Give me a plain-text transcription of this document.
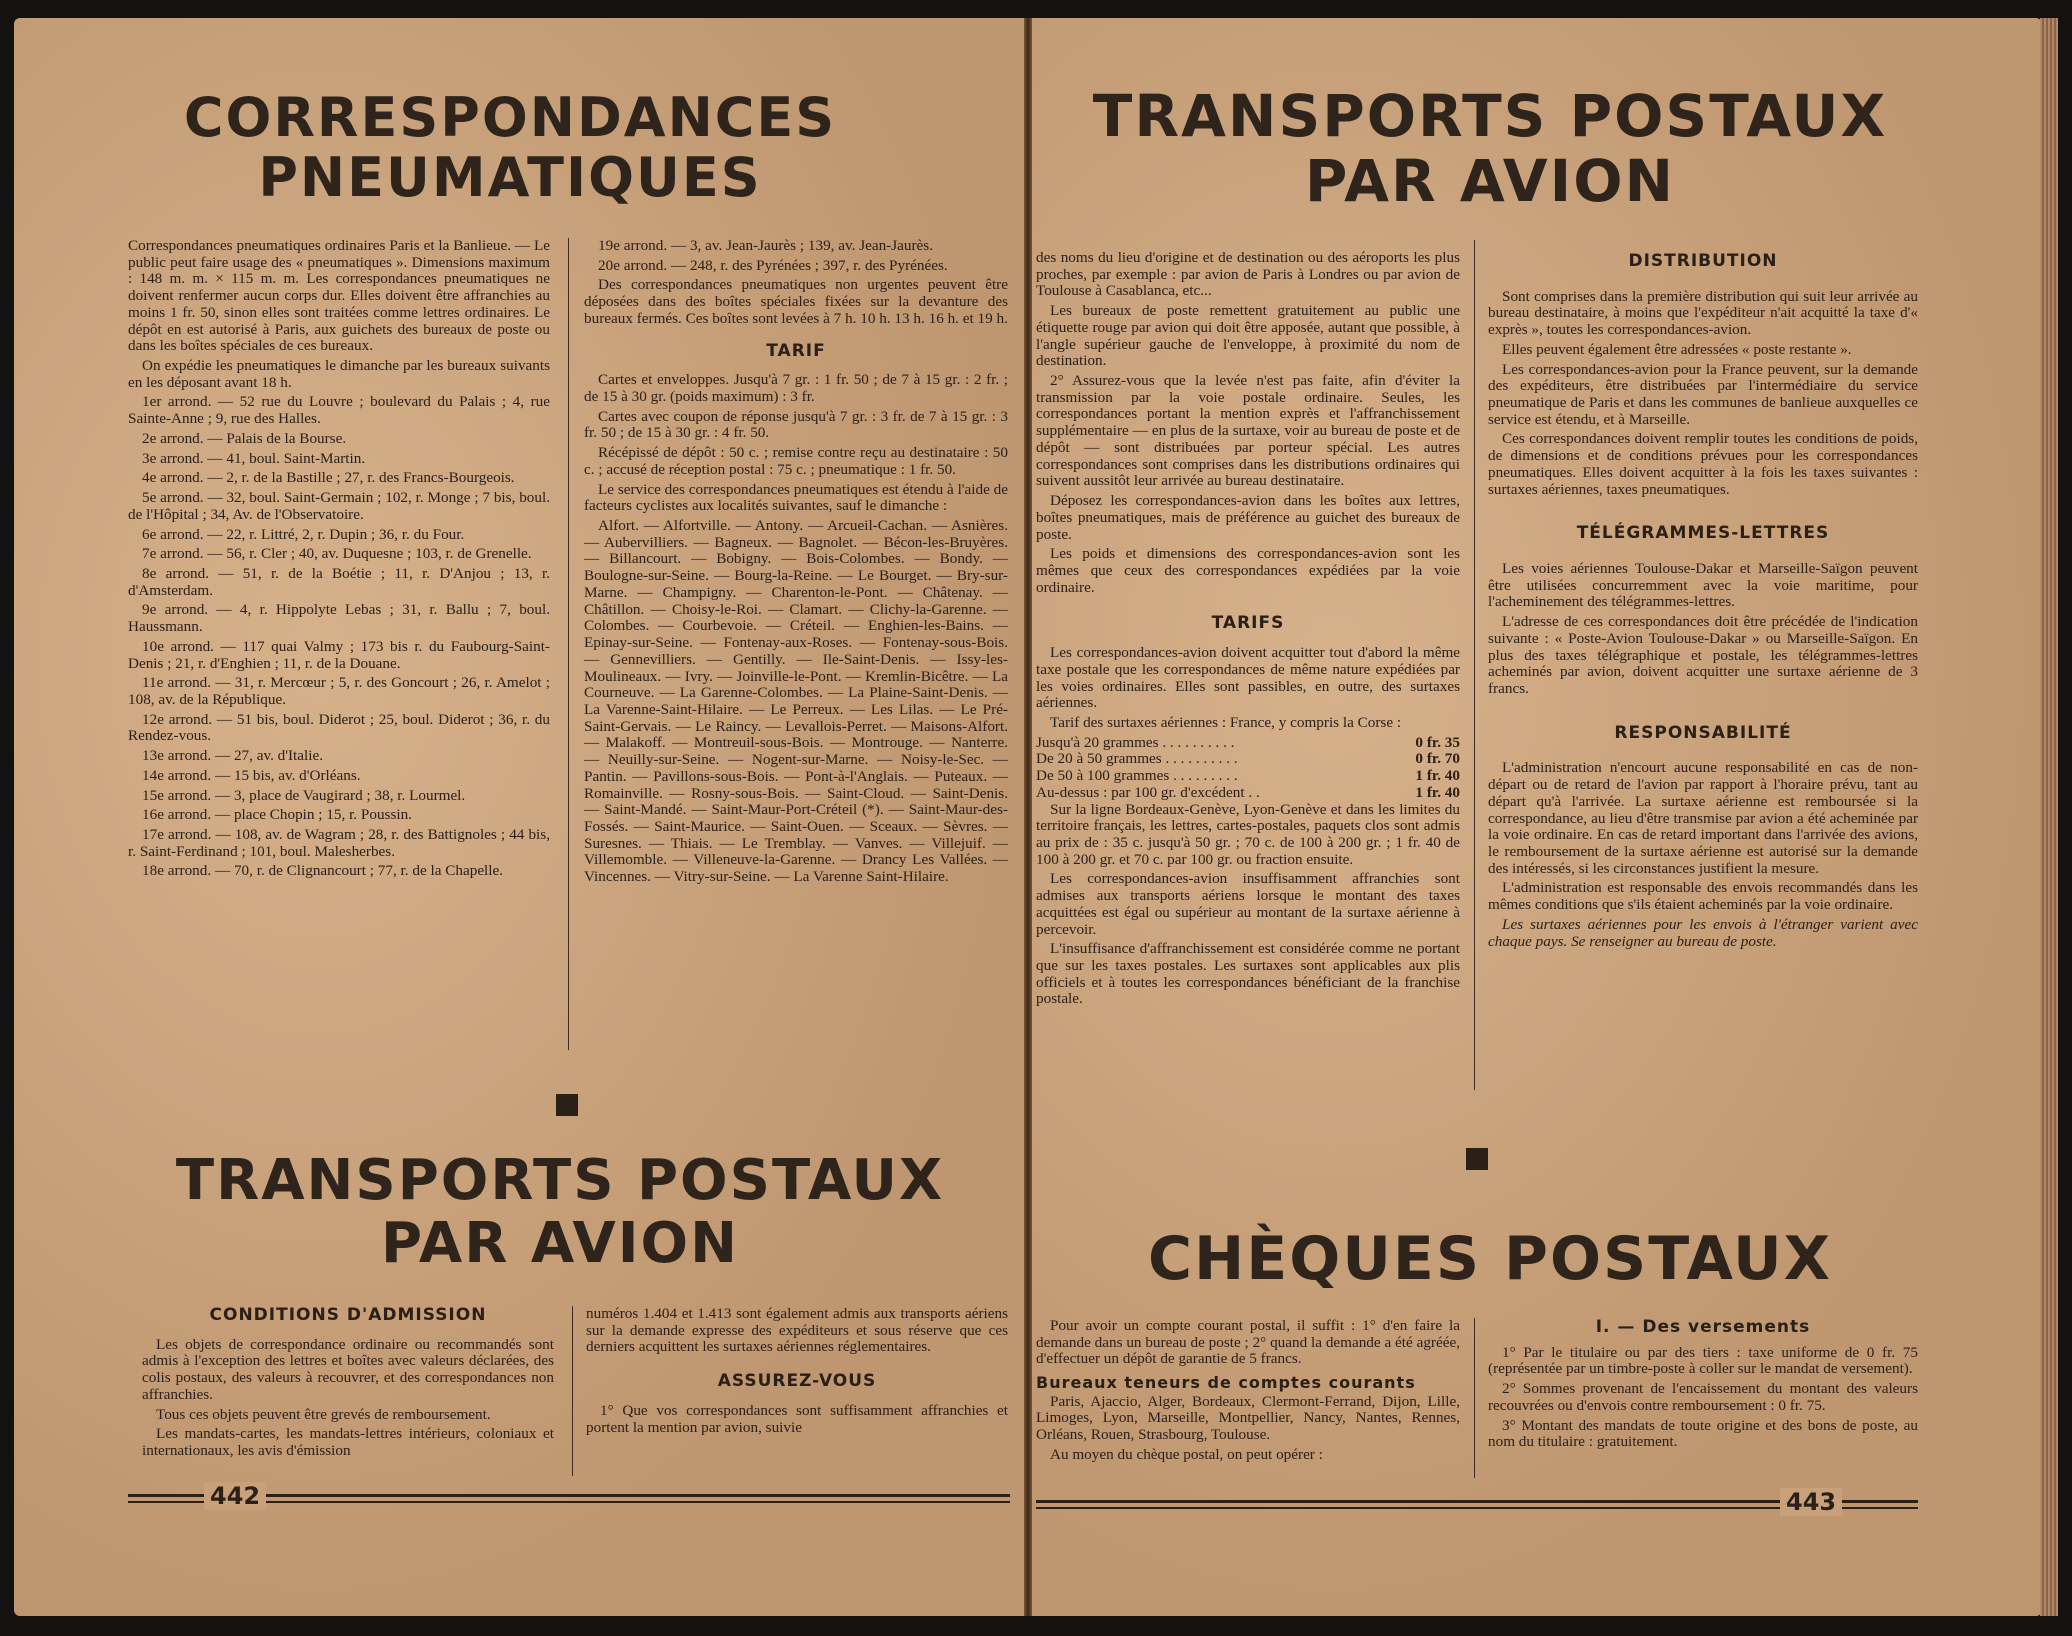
CORRESPONDANCES
PNEUMATIQUES

Correspondances pneumatiques ordinaires Paris et la Banlieue. — Le public peut faire usage des « pneumatiques ». Dimensions maximum : 148 m. m. × 115 m. m. Les correspondances pneumatiques ne doivent renfermer aucun corps dur. Elles doivent être affranchies au moins 1 fr. 50, sinon elles sont traitées comme lettres ordinaires. Le dépôt en est autorisé à Paris, aux guichets des bureaux de poste ou dans les boîtes spéciales de ces bureaux.

On expédie les pneumatiques le dimanche par les bureaux suivants en les déposant avant 18 h.

1er arrond. — 52 rue du Louvre ; boulevard du Palais ; 4, rue Sainte-Anne ; 9, rue des Halles.

2e arrond. — Palais de la Bourse.

3e arrond. — 41, boul. Saint-Martin.

4e arrond. — 2, r. de la Bastille ; 27, r. des Francs-Bourgeois.

5e arrond. — 32, boul. Saint-Germain ; 102, r. Monge ; 7 bis, boul. de l'Hôpital ; 34, Av. de l'Observatoire.

6e arrond. — 22, r. Littré, 2, r. Dupin ; 36, r. du Four.

7e arrond. — 56, r. Cler ; 40, av. Duquesne ; 103, r. de Grenelle.

8e arrond. — 51, r. de la Boétie ; 11, r. D'Anjou ; 13, r. d'Amsterdam.

9e arrond. — 4, r. Hippolyte Lebas ; 31, r. Ballu ; 7, boul. Haussmann.

10e arrond. — 117 quai Valmy ; 173 bis r. du Faubourg-Saint-Denis ; 21, r. d'Enghien ; 11, r. de la Douane.

11e arrond. — 31, r. Mercœur ; 5, r. des Goncourt ; 26, r. Amelot ; 108, av. de la République.

12e arrond. — 51 bis, boul. Diderot ; 25, boul. Diderot ; 36, r. du Rendez-vous.

13e arrond. — 27, av. d'Italie.

14e arrond. — 15 bis, av. d'Orléans.

15e arrond. — 3, place de Vaugirard ; 38, r. Lourmel.

16e arrond. — place Chopin ; 15, r. Poussin.

17e arrond. — 108, av. de Wagram ; 28, r. des Battignoles ; 44 bis, r. Saint-Ferdinand ; 101, boul. Malesherbes.

18e arrond. — 70, r. de Clignancourt ; 77, r. de la Chapelle.

19e arrond. — 3, av. Jean-Jaurès ; 139, av. Jean-Jaurès.

20e arrond. — 248, r. des Pyrénées ; 397, r. des Pyrénées.

Des correspondances pneumatiques non urgentes peuvent être déposées dans des boîtes spéciales fixées sur la devanture des bureaux fermés. Ces boîtes sont levées à 7 h. 10 h. 13 h. 16 h. et 19 h.

TARIF

Cartes et enveloppes. Jusqu'à 7 gr. : 1 fr. 50 ; de 7 à 15 gr. : 2 fr. ; de 15 à 30 gr. (poids maximum) : 3 fr.

Cartes avec coupon de réponse jusqu'à 7 gr. : 3 fr. de 7 à 15 gr. : 3 fr. 50 ; de 15 à 30 gr. : 4 fr. 50.

Récépissé de dépôt : 50 c. ; remise contre reçu au destinataire : 50 c. ; accusé de réception postal : 75 c. ; pneumatique : 1 fr. 50.

Le service des correspondances pneumatiques est étendu à l'aide de facteurs cyclistes aux localités suivantes, sauf le dimanche :

Alfort. — Alfortville. — Antony. — Arcueil-Cachan. — Asnières. — Aubervilliers. — Bagneux. — Bagnolet. — Bécon-les-Bruyères. — Billancourt. — Bobigny. — Bois-Colombes. — Bondy. — Boulogne-sur-Seine. — Bourg-la-Reine. — Le Bourget. — Bry-sur-Marne. — Champigny. — Charenton-le-Pont. — Châtenay. — Châtillon. — Choisy-le-Roi. — Clamart. — Clichy-la-Garenne. — Colombes. — Courbevoie. — Créteil. — Enghien-les-Bains. — Epinay-sur-Seine. — Fontenay-aux-Roses. — Fontenay-sous-Bois. — Gennevilliers. — Gentilly. — Ile-Saint-Denis. — Issy-les-Moulineaux. — Ivry. — Joinville-le-Pont. — Kremlin-Bicêtre. — La Courneuve. — La Garenne-Colombes. — La Plaine-Saint-Denis. — La Varenne-Saint-Hilaire. — Le Perreux. — Les Lilas. — Le Pré-Saint-Gervais. — Le Raincy. — Levallois-Perret. — Maisons-Alfort. — Malakoff. — Montreuil-sous-Bois. — Montrouge. — Nanterre. — Neuilly-sur-Seine. — Nogent-sur-Marne. — Noisy-le-Sec. — Pantin. — Pavillons-sous-Bois. — Pont-à-l'Anglais. — Puteaux. — Romainville. — Rosny-sous-Bois. — Saint-Cloud. — Saint-Denis. — Saint-Mandé. — Saint-Maur-Port-Créteil (*). — Saint-Maur-des-Fossés. — Saint-Maurice. — Saint-Ouen. — Sceaux. — Sèvres. — Suresnes. — Thiais. — Le Tremblay. — Vanves. — Villejuif. — Villemomble. — Villeneuve-la-Garenne. — Drancy Les Vallées. — Vincennes. — Vitry-sur-Seine. — La Varenne Saint-Hilaire.

TRANSPORTS POSTAUX
PAR AVION
CONDITIONS D'ADMISSION

Les objets de correspondance ordinaire ou recommandés sont admis à l'exception des lettres et boîtes avec valeurs déclarées, des colis postaux, des valeurs à recouvrer, et des correspondances non affranchies.

Tous ces objets peuvent être grevés de remboursement.

Les mandats-cartes, les mandats-lettres intérieurs, coloniaux et internationaux, les avis d'émission

numéros 1.404 et 1.413 sont également admis aux transports aériens sur la demande expresse des expéditeurs et sous réserve que ces derniers acquittent les surtaxes aériennes réglementaires.

ASSUREZ-VOUS

1° Que vos correspondances sont suffisamment affranchies et portent la mention par avion, suivie

442
TRANSPORTS POSTAUX
PAR AVION

des noms du lieu d'origine et de destination ou des aéroports les plus proches, par exemple : par avion de Paris à Londres ou par avion de Toulouse à Casablanca, etc...

Les bureaux de poste remettent gratuitement au public une étiquette rouge par avion qui doit être apposée, autant que possible, à l'angle supérieur gauche de l'enveloppe, à proximité du nom de destination.

2° Assurez-vous que la levée n'est pas faite, afin d'éviter la transmission par la voie postale ordinaire. Seules, les correspondances portant la mention exprès et l'affranchissement supplémentaire — en plus de la surtaxe, voir au bureau de poste et de dépôt — sont distribuées par porteur spécial. Les autres correspondances sont comprises dans les distributions ordinaires qui suivent aussitôt leur arrivée au bureau destinataire.

Déposez les correspondances-avion dans les boîtes aux lettres, boîtes pneumatiques, mais de préférence au guichet des bureaux de poste.

Les poids et dimensions des correspondances-avion sont les mêmes que ceux des correspondances expédiées par la voie ordinaire.

TARIFS

Les correspondances-avion doivent acquitter tout d'abord la même taxe postale que les correspondances de même nature expédiées par les voies ordinaires. Elles sont passibles, en outre, des surtaxes aériennes.

Tarif des surtaxes aériennes : France, y compris la Corse :

Jusqu'à 20 grammes . . . . . . . . . .	0 fr. 35
De 20 à 50 grammes . . . . . . . . . .	0 fr. 70
De 50 à 100 grammes . . . . . . . . .	1 fr. 40
Au-dessus : par 100 gr. d'excédent . .	1 fr. 40

Sur la ligne Bordeaux-Genève, Lyon-Genève et dans les limites du territoire français, les lettres, cartes-postales, paquets clos sont admis au prix de : 35 c. jusqu'à 50 gr. ; 70 c. de 100 à 200 gr. ; 1 fr. 40 de 100 à 200 gr. et 70 c. par 100 gr. ou fraction ensuite.

Les correspondances-avion insuffisamment affranchies sont admises aux transports aériens lorsque le montant des taxes acquittées est égal ou supérieur au montant de la surtaxe aérienne à percevoir.

L'insuffisance d'affranchissement est considérée comme ne portant que sur les taxes postales. Les surtaxes sont applicables aux plis officiels et à toutes les correspondances bénéficiant de la franchise postale.

DISTRIBUTION

Sont comprises dans la première distribution qui suit leur arrivée au bureau destinataire, à moins que l'expéditeur n'ait acquitté la taxe d'« exprès », toutes les correspondances-avion.

Elles peuvent également être adressées « poste restante ».

Les correspondances-avion pour la France peuvent, sur la demande des expéditeurs, être distribuées par l'intermédiaire du service pneumatique de Paris et dans les communes de banlieue auxquelles ce service est étendu, et à Marseille.

Ces correspondances doivent remplir toutes les conditions de poids, de dimensions et de conditions prévues pour les correspondances pneumatiques. Elles doivent acquitter à la fois les taxes suivantes : surtaxes aériennes, taxes pneumatiques.

TÉLÉGRAMMES-LETTRES

Les voies aériennes Toulouse-Dakar et Marseille-Saïgon peuvent être utilisées concurremment avec la voie maritime, pour l'acheminement des télégrammes-lettres.

L'adresse de ces correspondances doit être précédée de l'indication suivante : « Poste-Avion Toulouse-Dakar » ou Marseille-Saïgon. En plus des taxes télégraphique et postale, les télégrammes-lettres acheminés par avion, doivent acquitter une surtaxe aérienne de 3 francs.

RESPONSABILITÉ

L'administration n'encourt aucune responsabilité en cas de non-départ ou de retard de l'avion par rapport à l'horaire prévu, tant au départ qu'à l'arrivée. La surtaxe aérienne est remboursée si la correspondance, au lieu d'être transmise par avion a été acheminée par la voie ordinaire. En cas de retard important dans l'arrivée des avions, le remboursement de la surtaxe aérienne est autorisé sur la demande des intéressés, si les circonstances justifient la mesure.

L'administration est responsable des envois recommandés dans les mêmes conditions que s'ils étaient acheminés par la voie ordinaire.

Les surtaxes aériennes pour les envois à l'étranger varient avec chaque pays. Se renseigner au bureau de poste.

CHÈQUES POSTAUX

Pour avoir un compte courant postal, il suffit : 1° d'en faire la demande dans un bureau de poste ; 2° quand la demande a été agréée, d'effectuer un dépôt de garantie de 5 francs.

Bureaux teneurs de comptes courants

Paris, Ajaccio, Alger, Bordeaux, Clermont-Ferrand, Dijon, Lille, Limoges, Lyon, Marseille, Montpellier, Nancy, Nantes, Rennes, Orléans, Rouen, Strasbourg, Toulouse.

Au moyen du chèque postal, on peut opérer :

I. — Des versements

1° Par le titulaire ou par des tiers : taxe uniforme de 0 fr. 75 (représentée par un timbre-poste à coller sur le mandat de versement).

2° Sommes provenant de l'encaissement du montant des valeurs recouvrées ou d'envois contre remboursement : 0 fr. 75.

3° Montant des mandats de toute origine et des bons de poste, au nom du titulaire : gratuitement.

443
